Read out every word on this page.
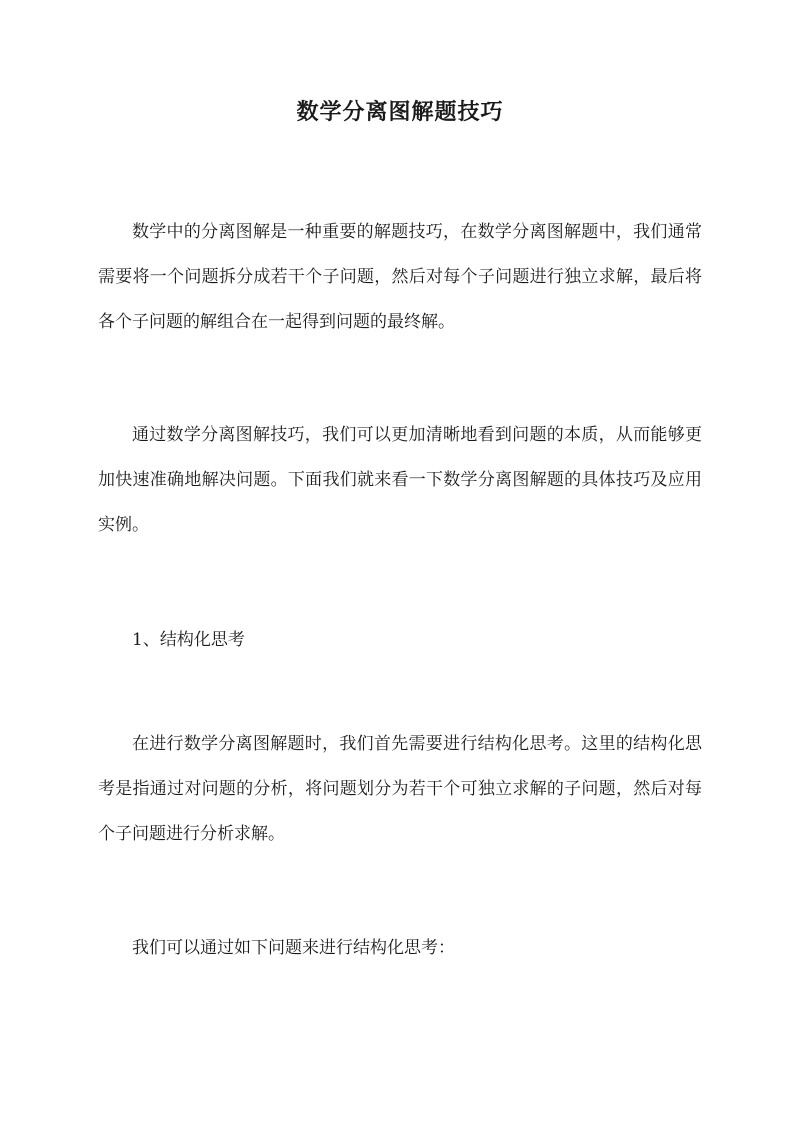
数学分离图解题技巧
数学中的分离图解是一种重要的解题技巧，在数学分离图解题中，我们通常需要将一个问题拆分成若干个子问题，然后对每个子问题进行独立求解，最后将各个子问题的解组合在一起得到问题的最终解。
通过数学分离图解技巧，我们可以更加清晰地看到问题的本质，从而能够更加快速准确地解决问题。下面我们就来看一下数学分离图解题的具体技巧及应用实例。
1、结构化思考
在进行数学分离图解题时，我们首先需要进行结构化思考。这里的结构化思考是指通过对问题的分析，将问题划分为若干个可独立求解的子问题，然后对每个子问题进行分析求解。
我们可以通过如下问题来进行结构化思考：
